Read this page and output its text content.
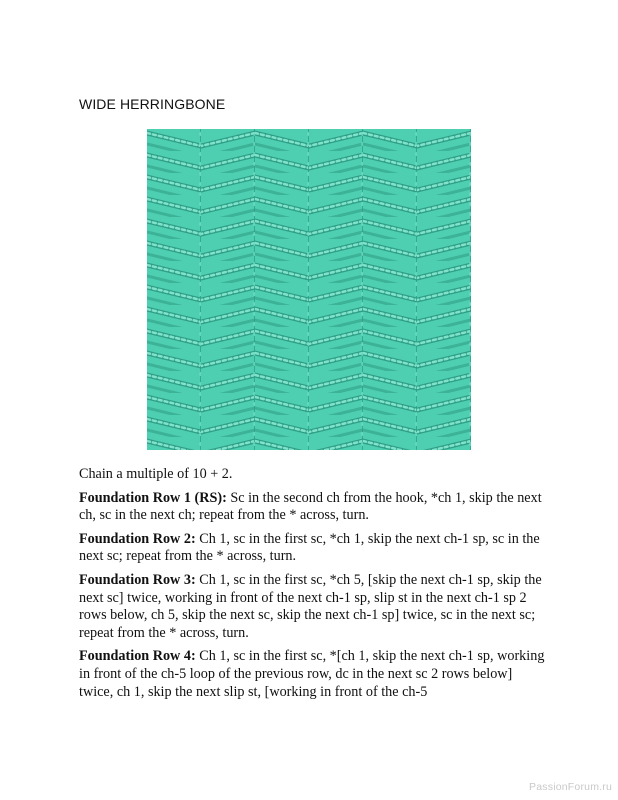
WIDE HERRINGBONE

Chain a multiple of 10 + 2.

Foundation Row 1 (RS): Sc in the second ch from the hook, *ch 1, skip the next ch, sc in the next ch; repeat from the * across, turn.

Foundation Row 2: Ch 1, sc in the first sc, *ch 1, skip the next ch-1 sp, sc in the next sc; repeat from the * across, turn.

Foundation Row 3: Ch 1, sc in the first sc, *ch 5, [skip the next ch-1 sp, skip the next sc] twice, working in front of the next ch-1 sp, slip st in the next ch-1 sp 2 rows below, ch 5, skip the next sc, skip the next ch-1 sp] twice, sc in the next sc; repeat from the * across, turn.

Foundation Row 4: Ch 1, sc in the first sc, *[ch 1, skip the next ch-1 sp, working in front of the ch-5 loop of the previous row, dc in the next sc 2 rows below] twice, ch 1, skip the next slip st, [working in front of the ch-5

PassionForum.ru
